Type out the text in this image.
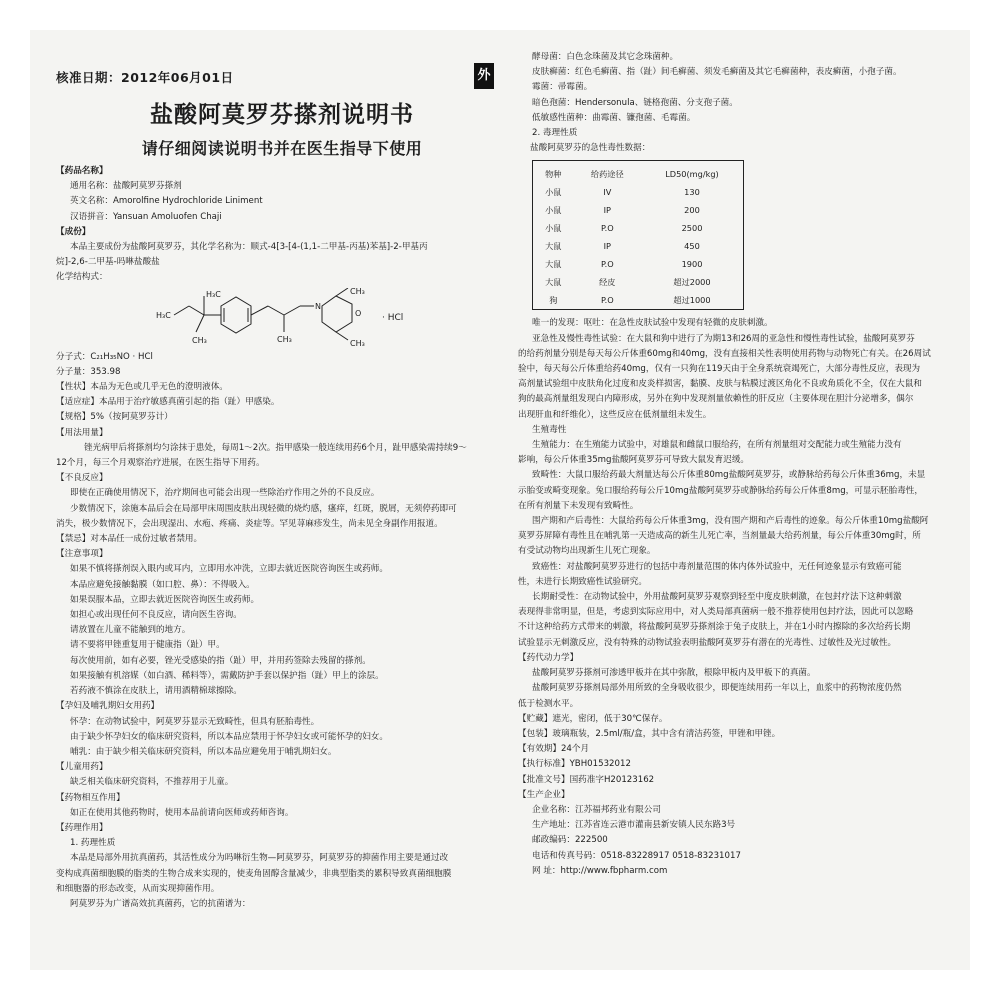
核准日期：2012年06月01日	外
盐酸阿莫罗芬搽剂说明书
请仔细阅读说明书并在医生指导下使用
【药品名称】
通用名称：盐酸阿莫罗芬搽剂
英文名称：Amorolfine Hydrochloride Liniment
汉语拼音：Yansuan Amoluofen Chaji
【成份】
本品主要成份为盐酸阿莫罗芬，其化学名称为：顺式-4[3-[4-(1,1-二甲基-丙基)苯基]-2-甲基丙
烷]-2,6-二甲基-吗啉盐酸盐
化学结构式：
H₃C
H₃C
CH₃	CH₃
N
O
CH₃
CH₃
· HCl
分子式：C₂₁H₃₅NO · HCl
分子量：353.98
【性状】本品为无色或几乎无色的澄明液体。
【适应症】本品用于治疗敏感真菌引起的指（趾）甲感染。
【规格】5%（按阿莫罗芬计）
【用法用量】
锉光病甲后将搽剂均匀涂抹于患处，每周1～2次。指甲感染一般连续用药6个月，趾甲感染需持续9～
12个月，每三个月观察治疗进展，在医生指导下用药。
【不良反应】
即使在正确使用情况下，治疗期间也可能会出现一些除治疗作用之外的不良反应。
少数情况下，涂施本品后会在局部甲床周围皮肤出现轻微的烧灼感，瘙痒，红斑，脱屑，无须停药即可
消失，极少数情况下，会出现湿出、水疱、疼痛、炎症等。罕见荨麻疹发生，尚未见全身副作用报道。
【禁忌】对本品任一成份过敏者禁用。
【注意事项】
如果不慎将搽剂误入眼内或耳内，立即用水冲洗，立即去就近医院咨询医生或药师。
本品应避免接触黏膜（如口腔、鼻）：不得吸入。
如果误服本品，立即去就近医院咨询医生或药师。
如担心或出现任何不良反应，请向医生咨询。
请放置在儿童不能触到的地方。
请不要将甲锉重复用于健康指（趾）甲。
每次使用前，如有必要，锉光受感染的指（趾）甲，并用药签除去残留的搽剂。
如果接触有机溶媒（如白酒、稀料等），需戴防护手套以保护指（趾）甲上的涂层。
若药液不慎涂在皮肤上，请用酒精棉球擦除。
【孕妇及哺乳期妇女用药】
怀孕：在动物试验中，阿莫罗芬显示无致畸性，但具有胚胎毒性。
由于缺少怀孕妇女的临床研究资料，所以本品应禁用于怀孕妇女或可能怀孕的妇女。
哺乳：由于缺少相关临床研究资料，所以本品应避免用于哺乳期妇女。
【儿童用药】
缺乏相关临床研究资料，不推荐用于儿童。
【药物相互作用】
如正在使用其他药物时，使用本品前请向医师或药师咨询。
【药理作用】
1. 药理性质
本品是局部外用抗真菌药，其活性成分为吗啉衍生物—阿莫罗芬，阿莫罗芬的抑菌作用主要是通过改
变构成真菌细胞膜的脂类的生物合成来实现的，使麦角固醇含量减少，非典型脂类的累积导致真菌细胞膜
和细胞器的形态改变，从而实现抑菌作用。
阿莫罗芬为广谱高效抗真菌药，它的抗菌谱为：
酵母菌：白色念珠菌及其它念珠菌种。
皮肤癣菌：红色毛癣菌、指（趾）间毛癣菌、须发毛癣菌及其它毛癣菌种，表皮癣菌，小孢子菌。
霉菌：帚霉菌。
暗色孢菌：Hendersonula、链格孢菌、分支孢子菌。
低敏感性菌种：曲霉菌、镰孢菌、毛霉菌。
2. 毒理性质
盐酸阿莫罗芬的急性毒性数据：
物种	给药途径	LD50(mg/kg)
小鼠	IV	130
小鼠	IP	200
小鼠	P.O	2500
大鼠	IP	450
大鼠	P.O	1900
大鼠	经皮	超过2000
狗	P.O	超过1000
唯一的发现：呕吐：在急性皮肤试验中发现有轻微的皮肤刺激。
亚急性及慢性毒性试验：在大鼠和狗中进行了为期13和26周的亚急性和慢性毒性试验，盐酸阿莫罗芬
的给药剂量分别是每天每公斤体重60mg和40mg，没有直接相关性表明使用药物与动物死亡有关。在26周试
验中，每天每公斤体重给药40mg，仅有一只狗在119天由于全身系统衰竭死亡，大部分毒性反应，表现为
高剂量试验组中皮肤角化过度和皮炎样损害，黏膜、皮肤与粘膜过渡区角化不良或角质化不全，仅在大鼠和
狗的最高剂量组发现白内障形成，另外在狗中发现剂量依赖性的肝反应（主要体现在胆汁分泌增多，偶尔
出现肝血和纤维化），这些反应在低剂量组未发生。
生殖毒性
生殖能力：在生殖能力试验中，对雄鼠和雌鼠口服给药，在所有剂量组对交配能力或生殖能力没有
影响，每公斤体重35mg盐酸阿莫罗芬可导致大鼠发育迟缓。
致畸性：大鼠口服给药最大剂量达每公斤体重80mg盐酸阿莫罗芬，或静脉给药每公斤体重36mg，未显
示胎变或畸变现象。兔口服给药每公斤10mg盐酸阿莫罗芬或静脉给药每公斤体重8mg，可显示胚胎毒性，
在所有剂量下未发现有致畸性。
围产期和产后毒性：大鼠给药每公斤体重3mg，没有围产期和产后毒性的迹象。每公斤体重10mg盐酸阿
莫罗芬屏障有毒性且在哺乳第一天造成高的新生儿死亡率，当剂量最大给药剂量，每公斤体重30mg时，所
有受试动物均出现新生儿死亡现象。
致癌性：对盐酸阿莫罗芬进行的包括中毒剂量范围的体内体外试验中，无任何迹象显示有致癌可能
性，未进行长期致癌性试验研究。
长期耐受性：在动物试验中，外用盐酸阿莫罗芬观察到轻至中度皮肤刺激，在包封疗法下这种刺激
表现得非常明显，但是，考虑到实际应用中，对人类局部真菌病一般不推荐使用包封疗法，因此可以忽略
不计这种给药方式带来的刺激，将盐酸阿莫罗芬搽剂涂于兔子皮肤上，并在1小时内擦除的多次给药长期
试验显示无刺激反应，没有特殊的动物试验表明盐酸阿莫罗芬有潜在的光毒性、过敏性及光过敏性。
【药代动力学】
盐酸阿莫罗芬搽剂可渗透甲板并在其中弥散，根除甲板内及甲板下的真菌。
盐酸阿莫罗芬搽剂局部外用所致的全身吸收很少，即便连续用药一年以上，血浆中的药物浓度仍然
低于检测水平。
【贮藏】遮光，密闭，低于30℃保存。
【包装】玻璃瓶装，2.5ml/瓶/盒，其中含有清洁药签，甲锉和甲锉。
【有效期】24个月
【执行标准】YBH01532012
【批准文号】国药准字H20123162
【生产企业】
企业名称：江苏福邦药业有限公司
生产地址：江苏省连云港市灌南县新安镇人民东路3号
邮政编码：222500
电话和传真号码：0518-83228917 0518-83231017
网 址：http://www.fbpharm.com
